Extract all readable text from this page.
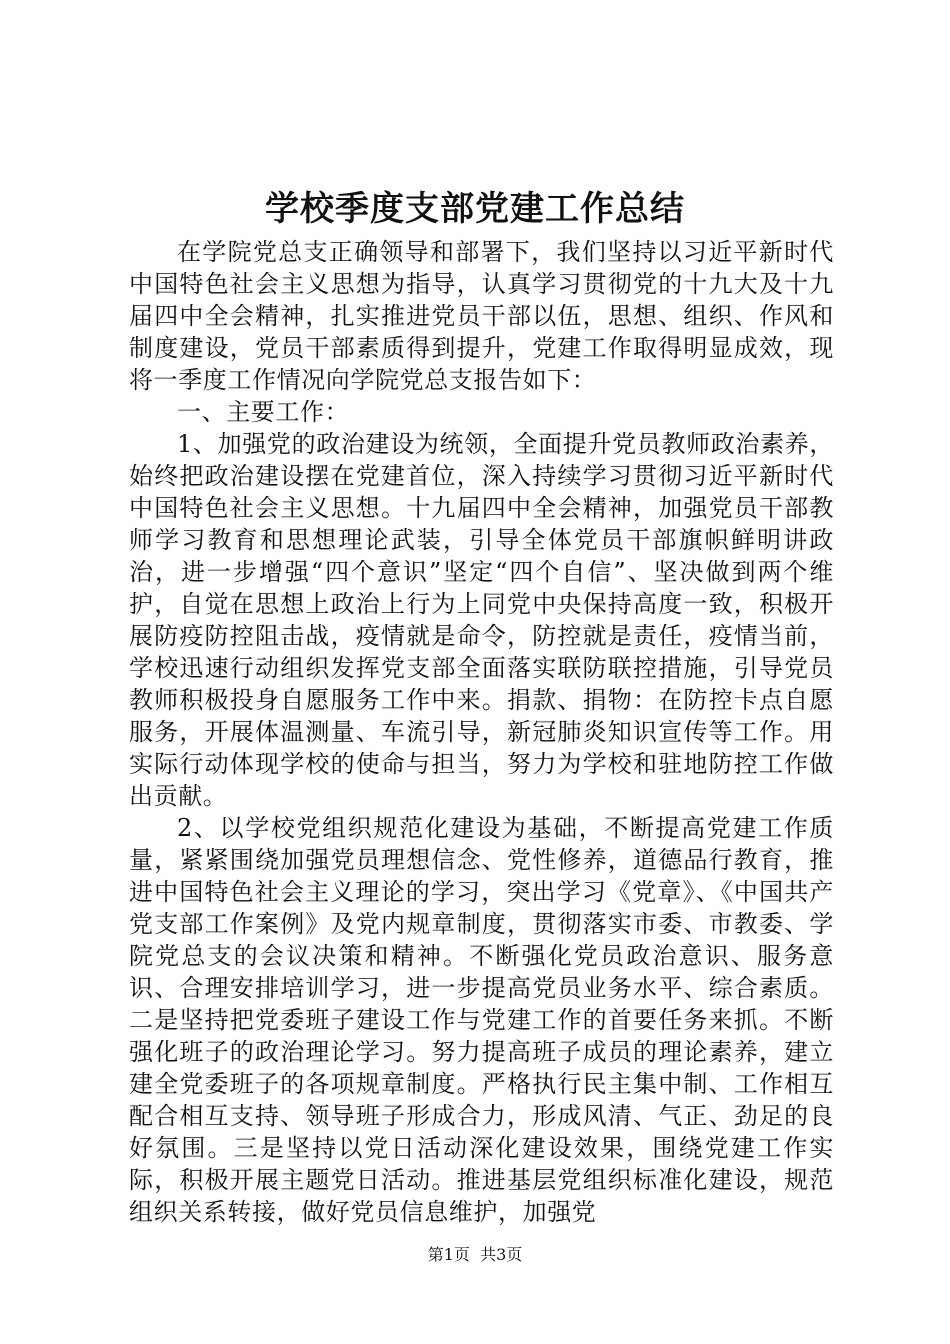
学校季度支部党建工作总结

在学院党总支正确领导和部署下，我们坚持以习近平新时代中国特色社会主义思想为指导，认真学习贯彻党的十九大及十九届四中全会精神，扎实推进党员干部以伍，思想、组织、作风和制度建设，党员干部素质得到提升，党建工作取得明显成效，现将一季度工作情况向学院党总支报告如下：

一、主要工作：

1、加强党的政治建设为统领，全面提升党员教师政治素养，始终把政治建设摆在党建首位，深入持续学习贯彻习近平新时代中国特色社会主义思想。十九届四中全会精神，加强党员干部教师学习教育和思想理论武装，引导全体党员干部旗帜鲜明讲政治，进一步增强“四个意识”坚定“四个自信”、坚决做到两个维护，自觉在思想上政治上行为上同党中央保持高度一致，积极开展防疫防控阻击战，疫情就是命令，防控就是责任，疫情当前，学校迅速行动组织发挥党支部全面落实联防联控措施，引导党员教师积极投身自愿服务工作中来。捐款、捐物：在防控卡点自愿服务，开展体温测量、车流引导，新冠肺炎知识宣传等工作。用实际行动体现学校的使命与担当，努力为学校和驻地防控工作做出贡献。

2、以学校党组织规范化建设为基础，不断提高党建工作质量，紧紧围绕加强党员理想信念、党性修养，道德品行教育，推进中国特色社会主义理论的学习，突出学习《党章》、《中国共产党支部工作案例》及党内规章制度，贯彻落实市委、市教委、学院党总支的会议决策和精神。不断强化党员政治意识、服务意识、合理安排培训学习，进一步提高党员业务水平、综合素质。二是坚持把党委班子建设工作与党建工作的首要任务来抓。不断强化班子的政治理论学习。努力提高班子成员的理论素养，建立建全党委班子的各项规章制度。严格执行民主集中制、工作相互配合相互支持、领导班子形成合力，形成风清、气正、劲足的良好氛围。三是坚持以党日活动深化建设效果，围绕党建工作实际，积极开展主题党日活动。推进基层党组织标准化建设，规范组织关系转接，做好党员信息维护，加强党

第1页 共3页
